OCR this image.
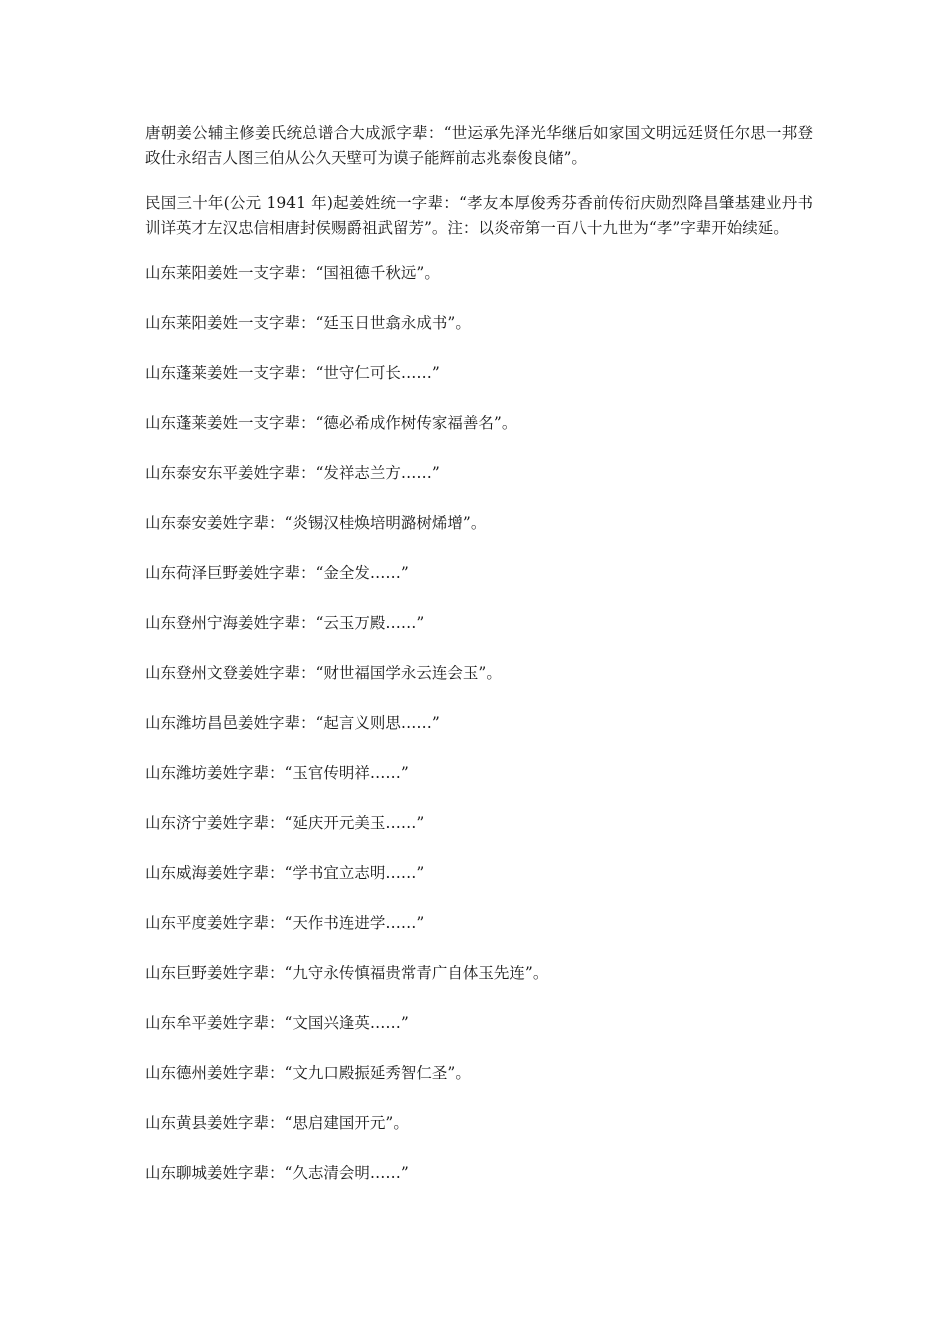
唐朝姜公辅主修姜氏统总谱合大成派字辈：“世运承先泽光华继后如家国文明远廷贤任尔思一邦登政仕永绍吉人图三伯从公久天壁可为谟子能辉前志兆泰俊良储”。

民国三十年(公元 1941 年)起姜姓统一字辈：“孝友本厚俊秀芬香前传衍庆勋烈降昌肇基建业丹书训详英才左汉忠信相唐封侯赐爵祖武留芳”。注：以炎帝第一百八十九世为“孝”字辈开始续延。

山东莱阳姜姓一支字辈：“国祖德千秋远”。

山东莱阳姜姓一支字辈：“廷玉日世翕永成书”。

山东蓬莱姜姓一支字辈：“世守仁可长……”

山东蓬莱姜姓一支字辈：“德必希成作树传家福善名”。

山东泰安东平姜姓字辈：“发祥志兰方……”

山东泰安姜姓字辈：“炎锡汉桂焕培明潞树烯增”。

山东荷泽巨野姜姓字辈：“金全发……”

山东登州宁海姜姓字辈：“云玉万殿……”

山东登州文登姜姓字辈：“财世福国学永云连会玉”。

山东潍坊昌邑姜姓字辈：“起言义则思……”

山东潍坊姜姓字辈：“玉官传明祥……”

山东济宁姜姓字辈：“延庆开元美玉……”

山东威海姜姓字辈：“学书宜立志明……”

山东平度姜姓字辈：“天作书连进学……”

山东巨野姜姓字辈：“九守永传慎福贵常青广自体玉先连”。

山东牟平姜姓字辈：“文国兴逢英……”

山东德州姜姓字辈：“文九口殿振延秀智仁圣”。

山东黄县姜姓字辈：“思启建国开元”。

山东聊城姜姓字辈：“久志清会明……”
